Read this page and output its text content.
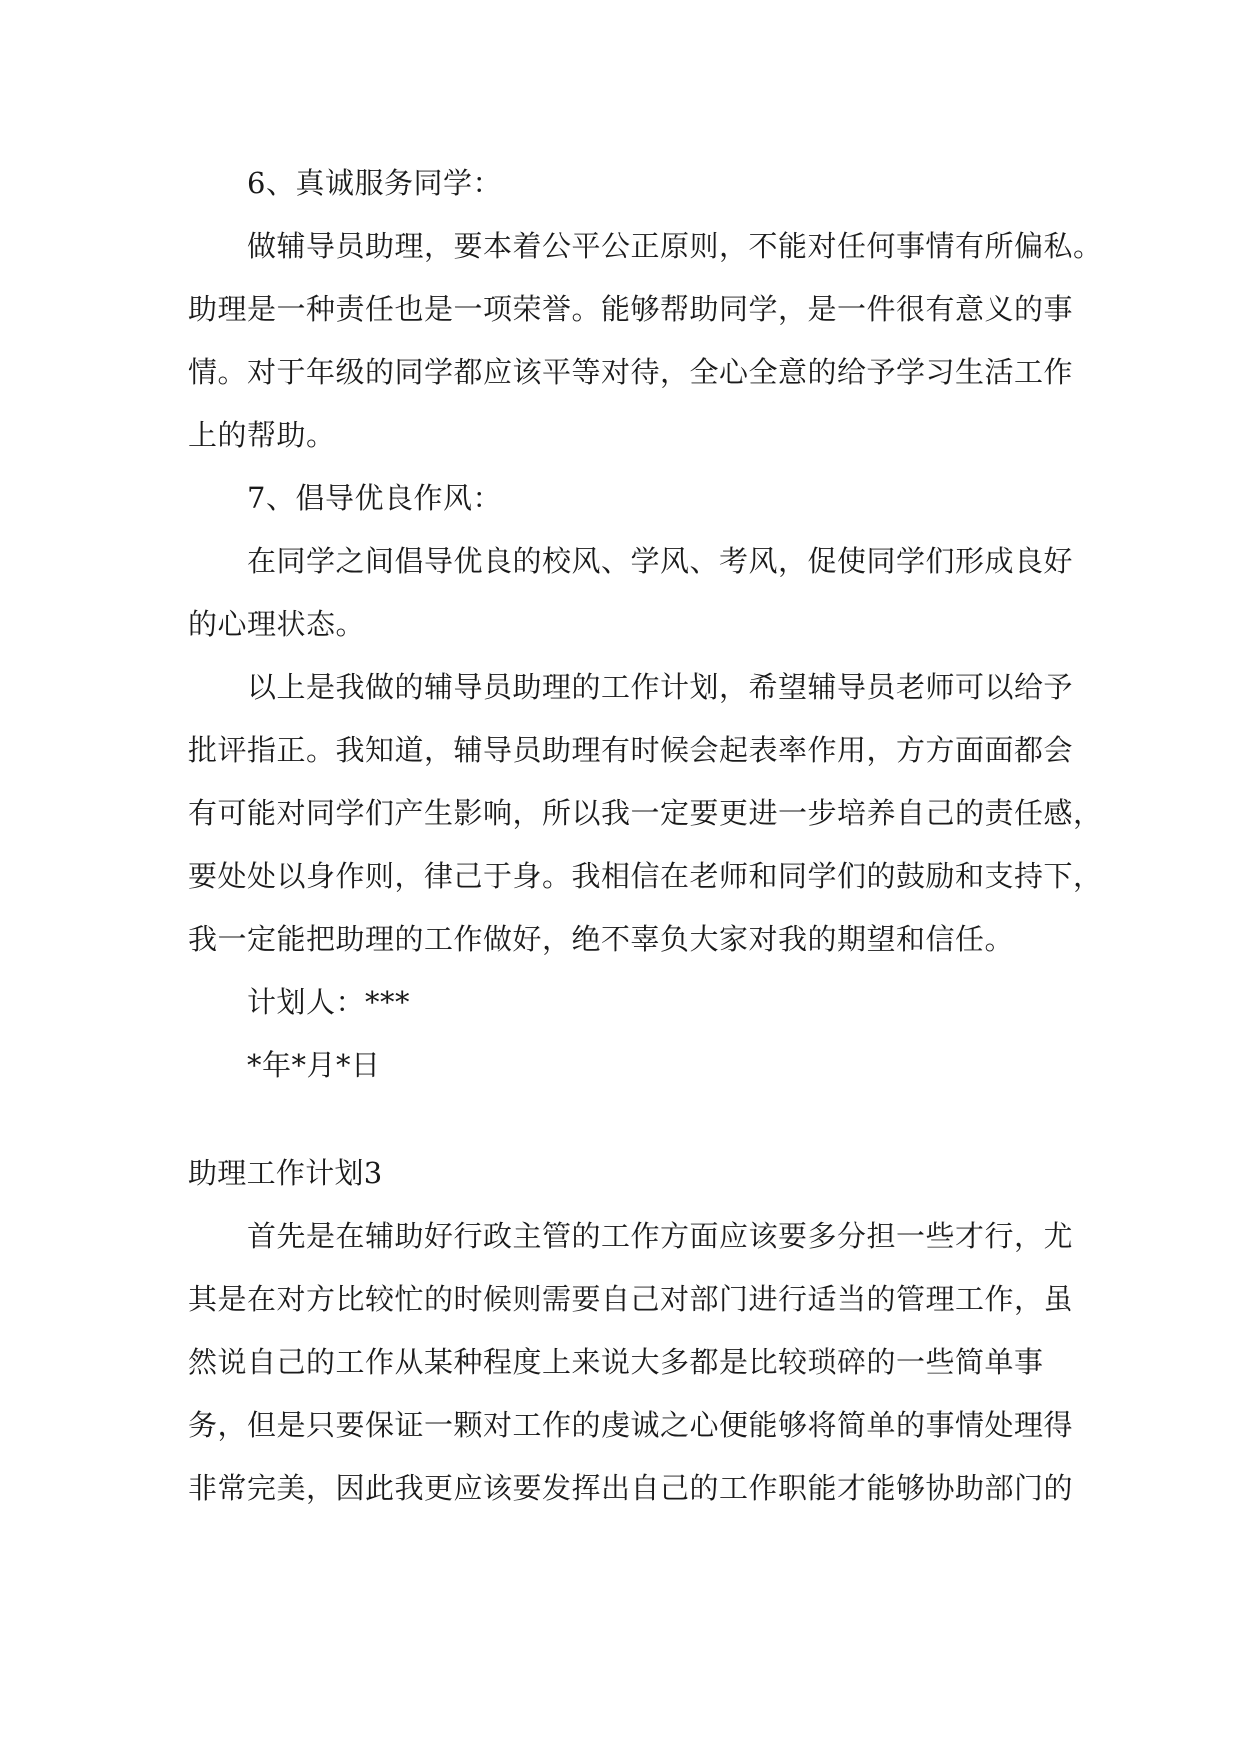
6、真诚服务同学：
做辅导员助理，要本着公平公正原则，不能对任何事情有所偏私。
助理是一种责任也是一项荣誉。能够帮助同学，是一件很有意义的事
情。对于年级的同学都应该平等对待，全心全意的给予学习生活工作
上的帮助。
7、倡导优良作风：
在同学之间倡导优良的校风、学风、考风，促使同学们形成良好
的心理状态。
以上是我做的辅导员助理的工作计划，希望辅导员老师可以给予
批评指正。我知道，辅导员助理有时候会起表率作用，方方面面都会
有可能对同学们产生影响，所以我一定要更进一步培养自己的责任感，
要处处以身作则，律己于身。我相信在老师和同学们的鼓励和支持下，
我一定能把助理的工作做好，绝不辜负大家对我的期望和信任。
计划人：***
*年*月*日
助理工作计划3
首先是在辅助好行政主管的工作方面应该要多分担一些才行，尤
其是在对方比较忙的时候则需要自己对部门进行适当的管理工作，虽
然说自己的工作从某种程度上来说大多都是比较琐碎的一些简单事
务，但是只要保证一颗对工作的虔诚之心便能够将简单的事情处理得
非常完美，因此我更应该要发挥出自己的工作职能才能够协助部门的
